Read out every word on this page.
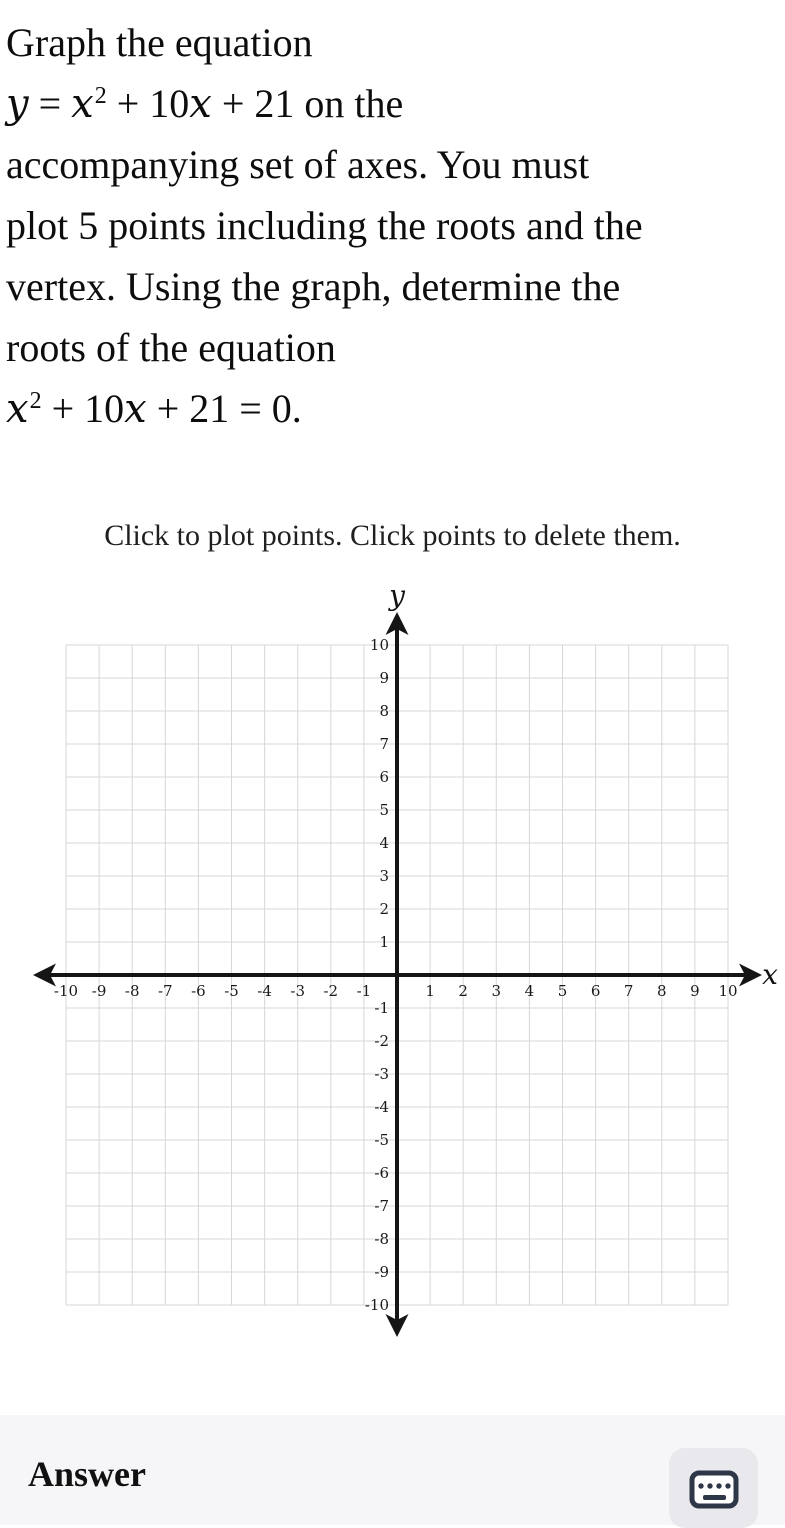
Graph the equation
$y = x^2 + 10x + 21$ on the
accompanying set of axes. You must
plot 5 points including the roots and the
vertex. Using the graph, determine the
roots of the equation
$x^2 + 10x + 21 = 0$.
Click to plot points. Click points to delete them.
-10 -9 -8 -7 -6 -5 -4 -3 -2 -1	1 2 3 4 5 6 7 8 9 10
10
9
8
7
6
5
4
3
2
1
-1
-2
-3
-4
-5
-6
-7
-8
-9
-10
x
y
Answer
